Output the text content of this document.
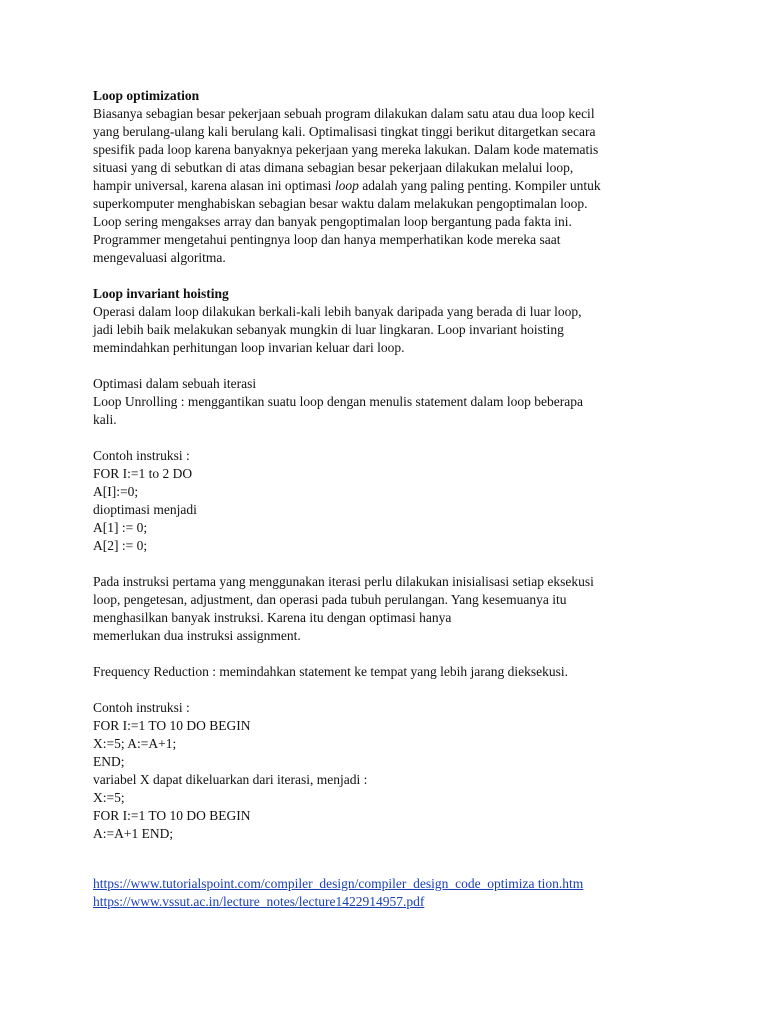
Loop optimization
Biasanya sebagian besar pekerjaan sebuah program dilakukan dalam satu atau dua loop kecil
yang berulang-ulang kali berulang kali. Optimalisasi tingkat tinggi berikut ditargetkan secara
spesifik pada loop karena banyaknya pekerjaan yang mereka lakukan. Dalam kode matematis
situasi yang di sebutkan di atas dimana sebagian besar pekerjaan dilakukan melalui loop,
hampir universal, karena alasan ini optimasi loop adalah yang paling penting. Kompiler untuk
superkomputer menghabiskan sebagian besar waktu dalam melakukan pengoptimalan loop.
Loop sering mengakses array dan banyak pengoptimalan loop bergantung pada fakta ini.
Programmer mengetahui pentingnya loop dan hanya memperhatikan kode mereka saat
mengevaluasi algoritma.
Loop invariant hoisting
Operasi dalam loop dilakukan berkali-kali lebih banyak daripada yang berada di luar loop,
jadi lebih baik melakukan sebanyak mungkin di luar lingkaran. Loop invariant hoisting
memindahkan perhitungan loop invarian keluar dari loop.
Optimasi dalam sebuah iterasi
Loop Unrolling : menggantikan suatu loop dengan menulis statement dalam loop beberapa
kali.
Contoh instruksi :
FOR I:=1 to 2 DO
A[I]:=0;
dioptimasi menjadi
A[1] := 0;
A[2] := 0;
Pada instruksi pertama yang menggunakan iterasi perlu dilakukan inisialisasi setiap eksekusi
loop, pengetesan, adjustment, dan operasi pada tubuh perulangan. Yang kesemuanya itu
menghasilkan banyak instruksi. Karena itu dengan optimasi hanya
memerlukan dua instruksi assignment.
Frequency Reduction : memindahkan statement ke tempat yang lebih jarang dieksekusi.
Contoh instruksi :
FOR I:=1 TO 10 DO BEGIN
X:=5; A:=A+1;
END;
variabel X dapat dikeluarkan dari iterasi, menjadi :
X:=5;
FOR I:=1 TO 10 DO BEGIN
A:=A+1 END;
https://www.tutorialspoint.com/compiler_design/compiler_design_code_optimiza tion.htm
https://www.vssut.ac.in/lecture_notes/lecture1422914957.pdf
